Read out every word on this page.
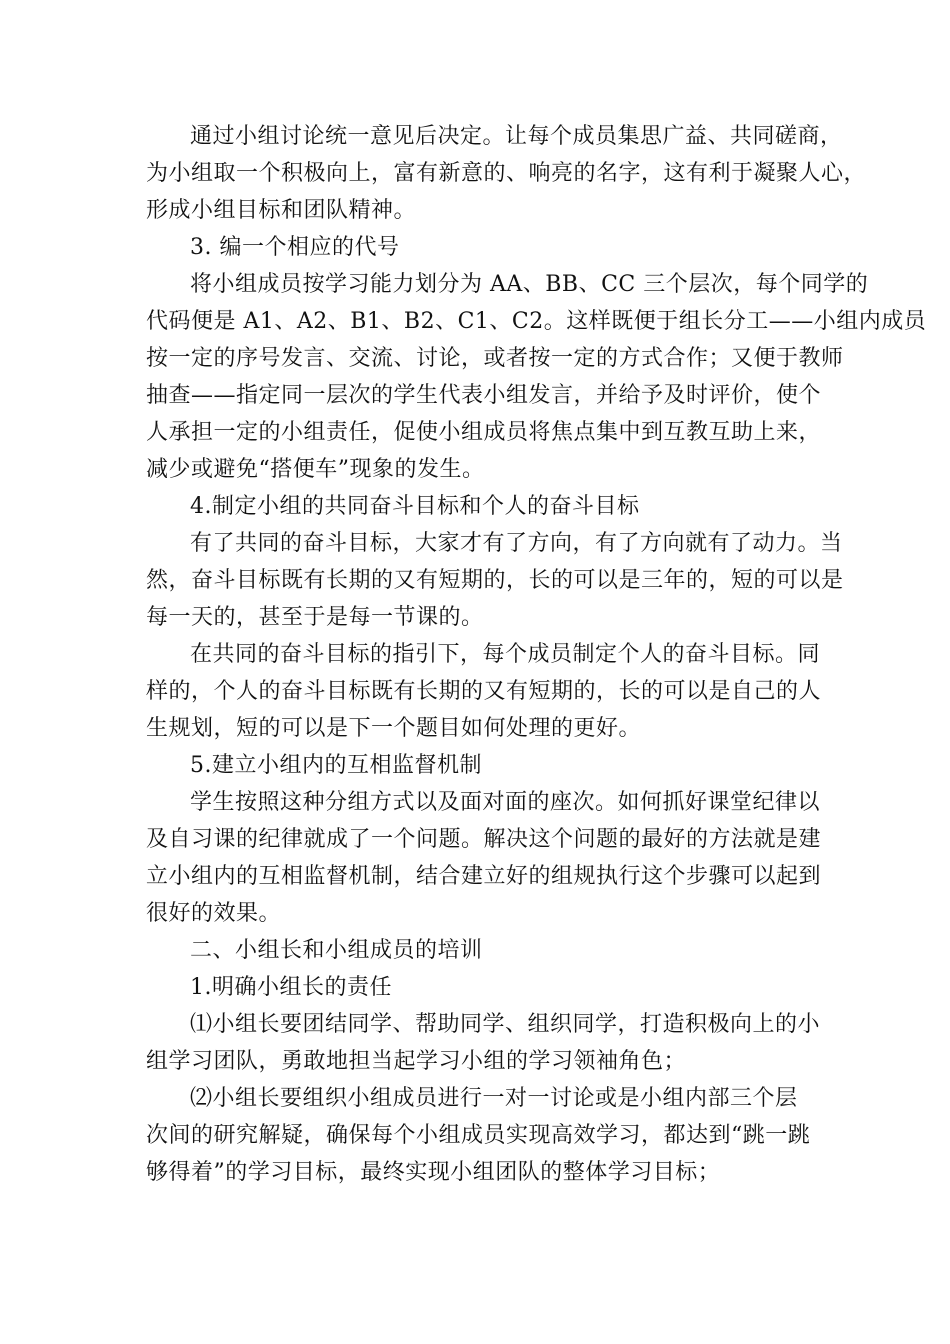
通过小组讨论统一意见后决定。让每个成员集思广益、共同磋商，
为小组取一个积极向上，富有新意的、响亮的名字，这有利于凝聚人心，
形成小组目标和团队精神。
3. 编一个相应的代号
将小组成员按学习能力划分为 AA、BB、CC 三个层次，每个同学的
代码便是 A1、A2、B1、B2、C1、C2。这样既便于组长分工——小组内成员
按一定的序号发言、交流、讨论，或者按一定的方式合作；又便于教师
抽查——指定同一层次的学生代表小组发言，并给予及时评价，使个
人承担一定的小组责任，促使小组成员将焦点集中到互教互助上来，
减少或避免“搭便车”现象的发生。
4.制定小组的共同奋斗目标和个人的奋斗目标
有了共同的奋斗目标，大家才有了方向，有了方向就有了动力。当
然，奋斗目标既有长期的又有短期的，长的可以是三年的，短的可以是
每一天的，甚至于是每一节课的。
在共同的奋斗目标的指引下，每个成员制定个人的奋斗目标。同
样的，个人的奋斗目标既有长期的又有短期的，长的可以是自己的人
生规划，短的可以是下一个题目如何处理的更好。
5.建立小组内的互相监督机制
学生按照这种分组方式以及面对面的座次。如何抓好课堂纪律以
及自习课的纪律就成了一个问题。解决这个问题的最好的方法就是建
立小组内的互相监督机制，结合建立好的组规执行这个步骤可以起到
很好的效果。
二、小组长和小组成员的培训
1.明确小组长的责任
⑴小组长要团结同学、帮助同学、组织同学，打造积极向上的小
组学习团队，勇敢地担当起学习小组的学习领袖角色；
⑵小组长要组织小组成员进行一对一讨论或是小组内部三个层
次间的研究解疑，确保每个小组成员实现高效学习，都达到“跳一跳
够得着”的学习目标，最终实现小组团队的整体学习目标；
